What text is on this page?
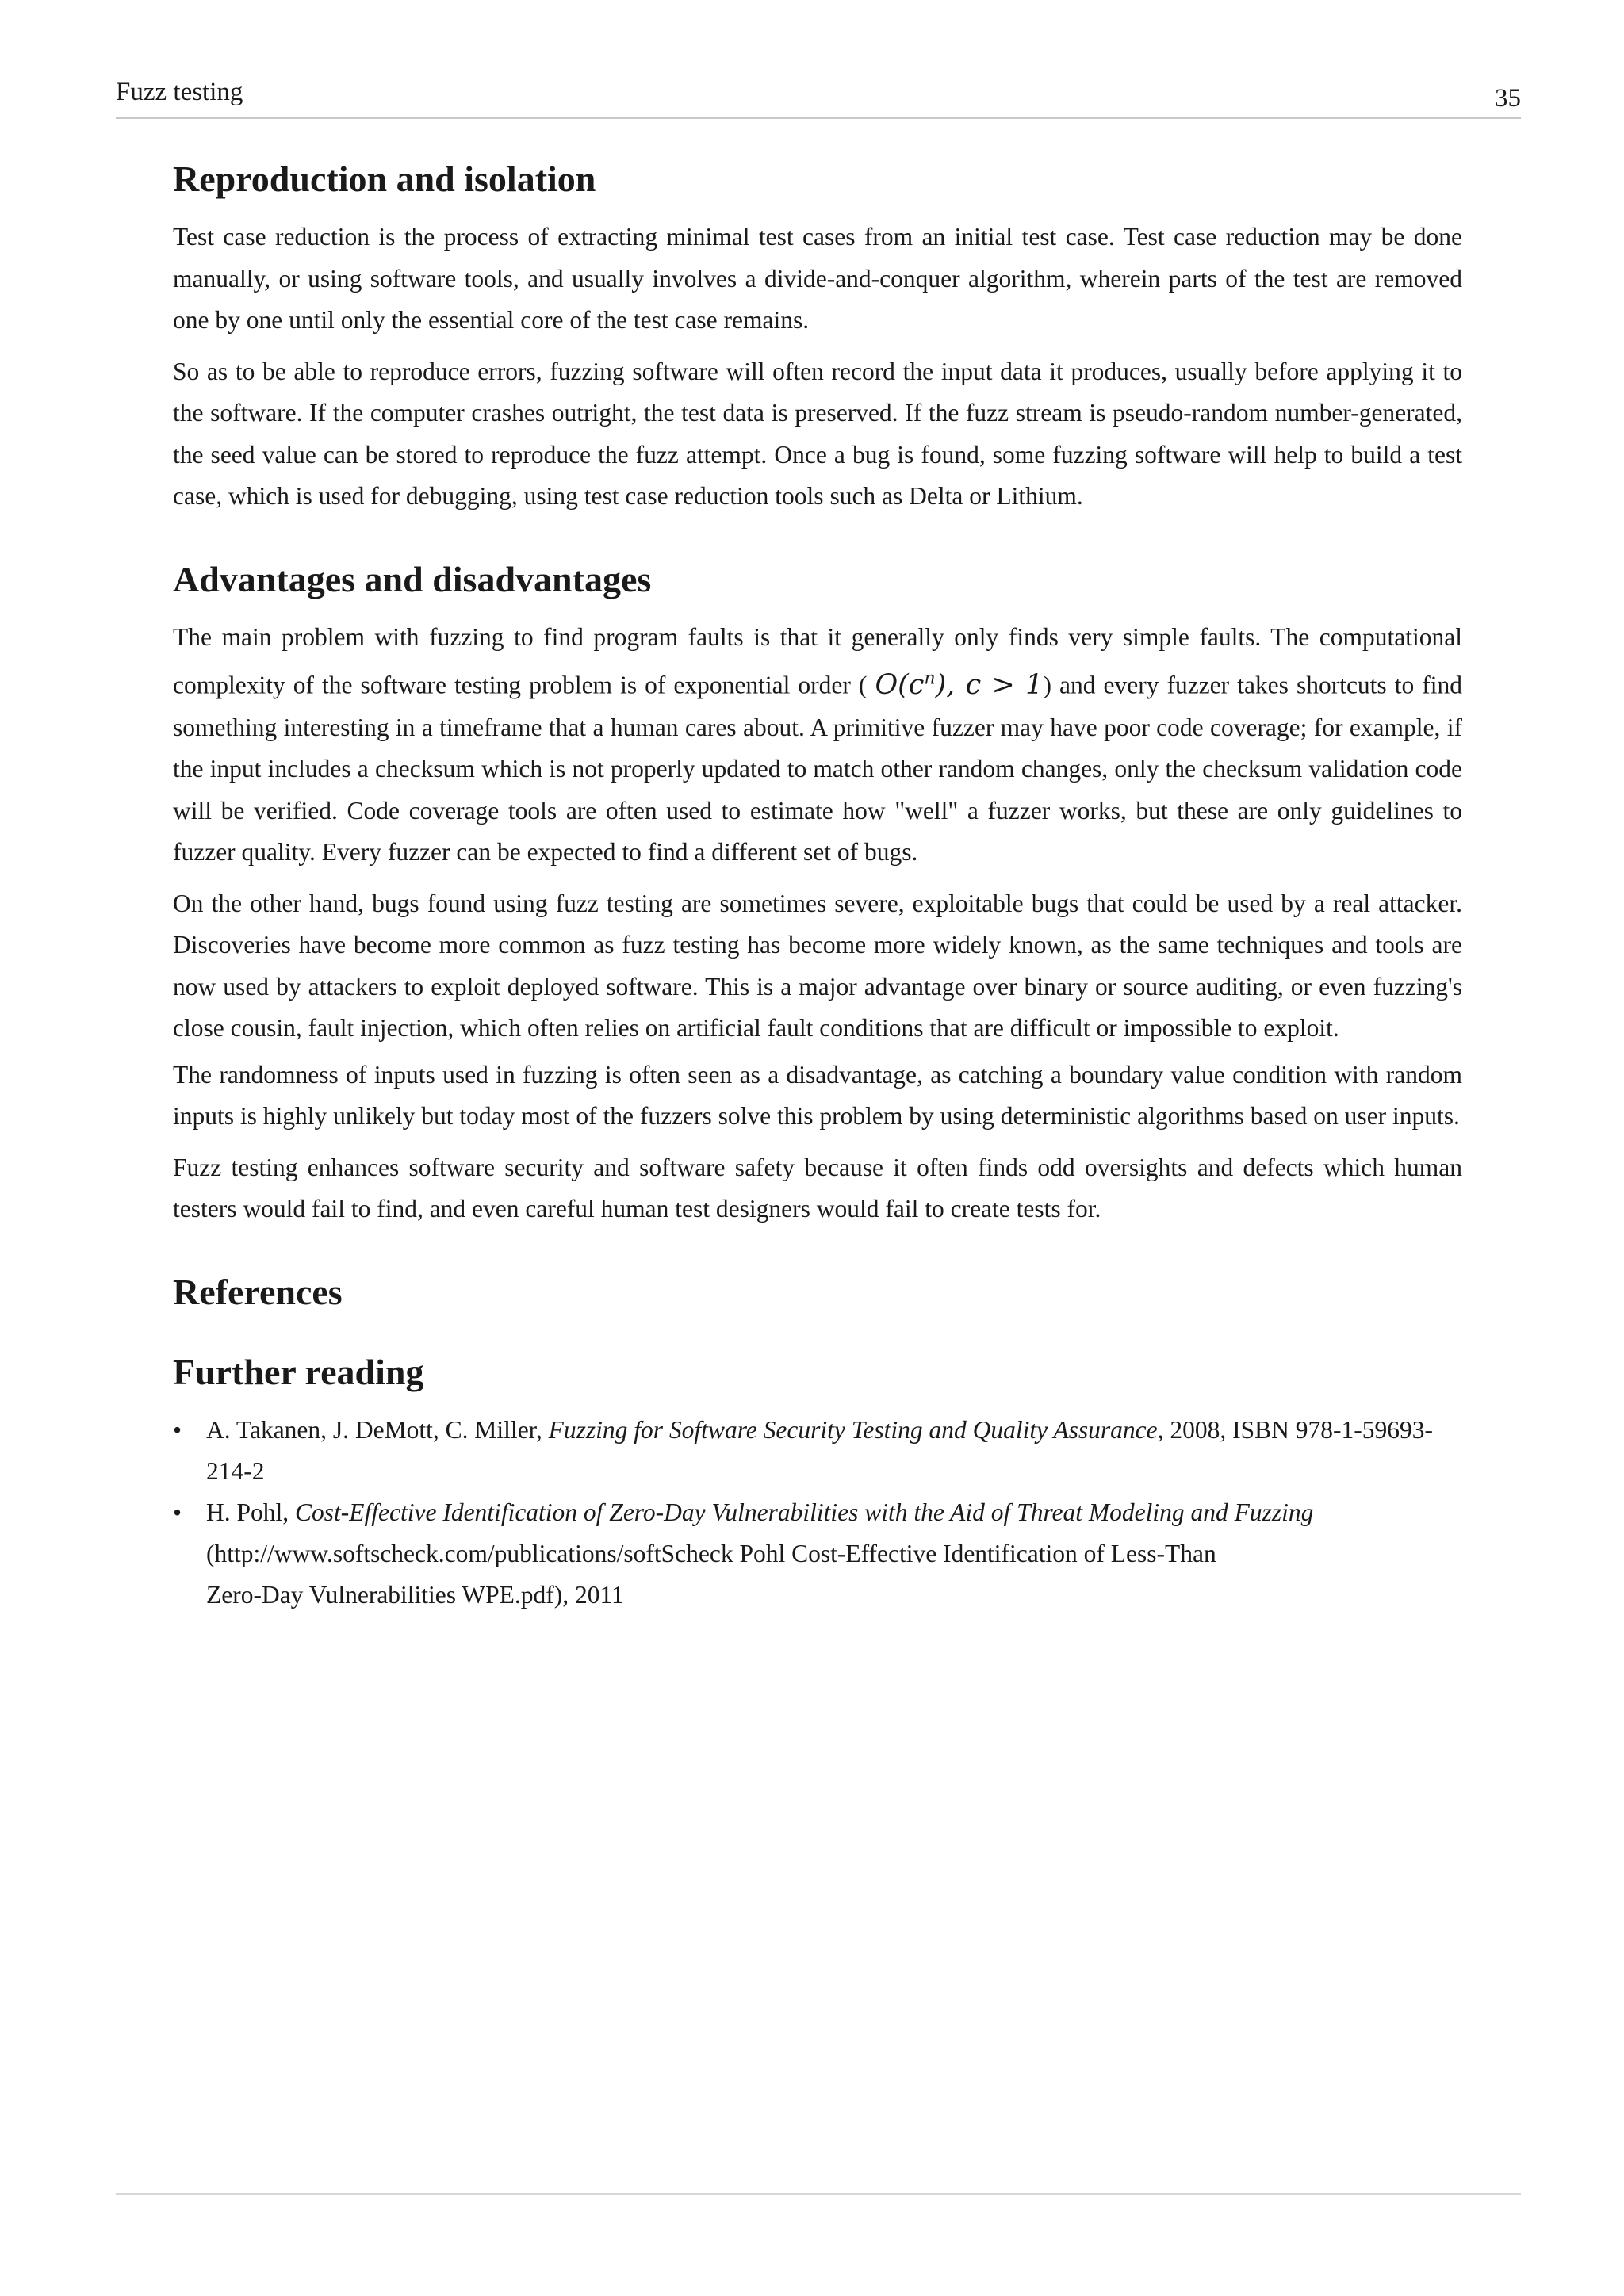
Fuzz testing	35
Reproduction and isolation

Test case reduction is the process of extracting minimal test cases from an initial test case. Test case reduction may be done manually, or using software tools, and usually involves a divide-and-conquer algorithm, wherein parts of the test are removed one by one until only the essential core of the test case remains.

So as to be able to reproduce errors, fuzzing software will often record the input data it produces, usually before applying it to the software. If the computer crashes outright, the test data is preserved. If the fuzz stream is pseudo-random number-generated, the seed value can be stored to reproduce the fuzz attempt. Once a bug is found, some fuzzing software will help to build a test case, which is used for debugging, using test case reduction tools such as Delta or Lithium.

Advantages and disadvantages

The main problem with fuzzing to find program faults is that it generally only finds very simple faults. The computational complexity of the software testing problem is of exponential order ( $O(c^n)$, c > 1) and every fuzzer takes shortcuts to find something interesting in a timeframe that a human cares about. A primitive fuzzer may have poor code coverage; for example, if the input includes a checksum which is not properly updated to match other random changes, only the checksum validation code will be verified. Code coverage tools are often used to estimate how "well" a fuzzer works, but these are only guidelines to fuzzer quality. Every fuzzer can be expected to find a different set of bugs.

On the other hand, bugs found using fuzz testing are sometimes severe, exploitable bugs that could be used by a real attacker. Discoveries have become more common as fuzz testing has become more widely known, as the same techniques and tools are now used by attackers to exploit deployed software. This is a major advantage over binary or source auditing, or even fuzzing's close cousin, fault injection, which often relies on artificial fault conditions that are difficult or impossible to exploit.

The randomness of inputs used in fuzzing is often seen as a disadvantage, as catching a boundary value condition with random inputs is highly unlikely but today most of the fuzzers solve this problem by using deterministic algorithms based on user inputs.

Fuzz testing enhances software security and software safety because it often finds odd oversights and defects which human testers would fail to find, and even careful human test designers would fail to create tests for.

References
Further reading
• A. Takanen, J. DeMott, C. Miller, Fuzzing for Software Security Testing and Quality Assurance, 2008, ISBN 978-1-59693-214-2
• H. Pohl, Cost-Effective Identification of Zero-Day Vulnerabilities with the Aid of Threat Modeling and Fuzzing
(http://www.softscheck.com/publications/softScheck Pohl Cost-Effective Identification of Less-Than
Zero-Day Vulnerabilities WPE.pdf), 2011
